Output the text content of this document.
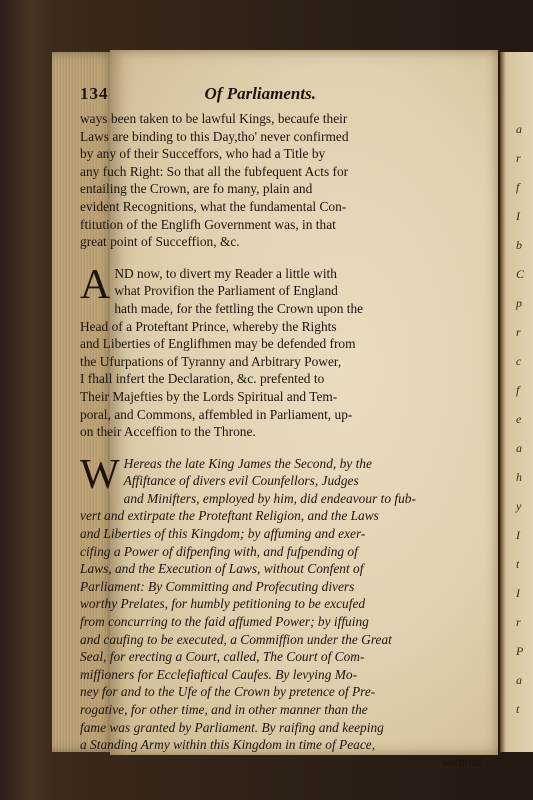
a
r
f
I
b
C
p
r
c
f
e
a
h
y
I
t
I
r
P
a
t
134	Of Parliaments.
ways been taken to be lawful Kings, becaufe their
Laws are binding to this Day,tho' never confirmed
by any of their Succeffors, who had a Title by
any fuch Right: So that all the fubfequent Acts for
entailing the Crown, are fo many, plain and
evident Recognitions, what the fundamental Con-
ftitution of the Englifh Government was, in that
great point of Succeffion, &c.
A ND now, to divert my Reader a little with
what Provifion the Parliament of England
hath made, for the fettling the Crown upon the
Head of a Proteftant Prince, whereby the Rights
and Liberties of Englifhmen may be defended from
the Ufurpations of Tyranny and Arbitrary Power,
I fhall infert the Declaration, &c. prefented to
Their Majefties by the Lords Spiritual and Tem-
poral, and Commons, affembled in Parliament, up-
on their Acceffion to the Throne.
W Hereas the late King James the Second, by the
Affiftance of divers evil Counfellors, Judges
and Minifters, employed by him, did endeavour to fub-
vert and extirpate the Proteftant Religion, and the Laws
and Liberties of this Kingdom; by affuming and exer-
cifing a Power of difpenfing with, and fufpending of
Laws, and the Execution of Laws, without Confent of
Parliament: By Committing and Profecuting divers
worthy Prelates, for humbly petitioning to be excufed
from concurring to the faid affumed Power; by iffuing
and caufing to be executed, a Commiffion under the Great
Seal, for erecting a Court, called, The Court of Com-
miffioners for Ecclefiaftical Caufes. By levying Mo-
ney for and to the Ufe of the Crown by pretence of Pre-
rogative, for other time, and in other manner than the
fame was granted by Parliament. By raifing and keeping
a Standing Army within this Kingdom in time of Peace,
without
